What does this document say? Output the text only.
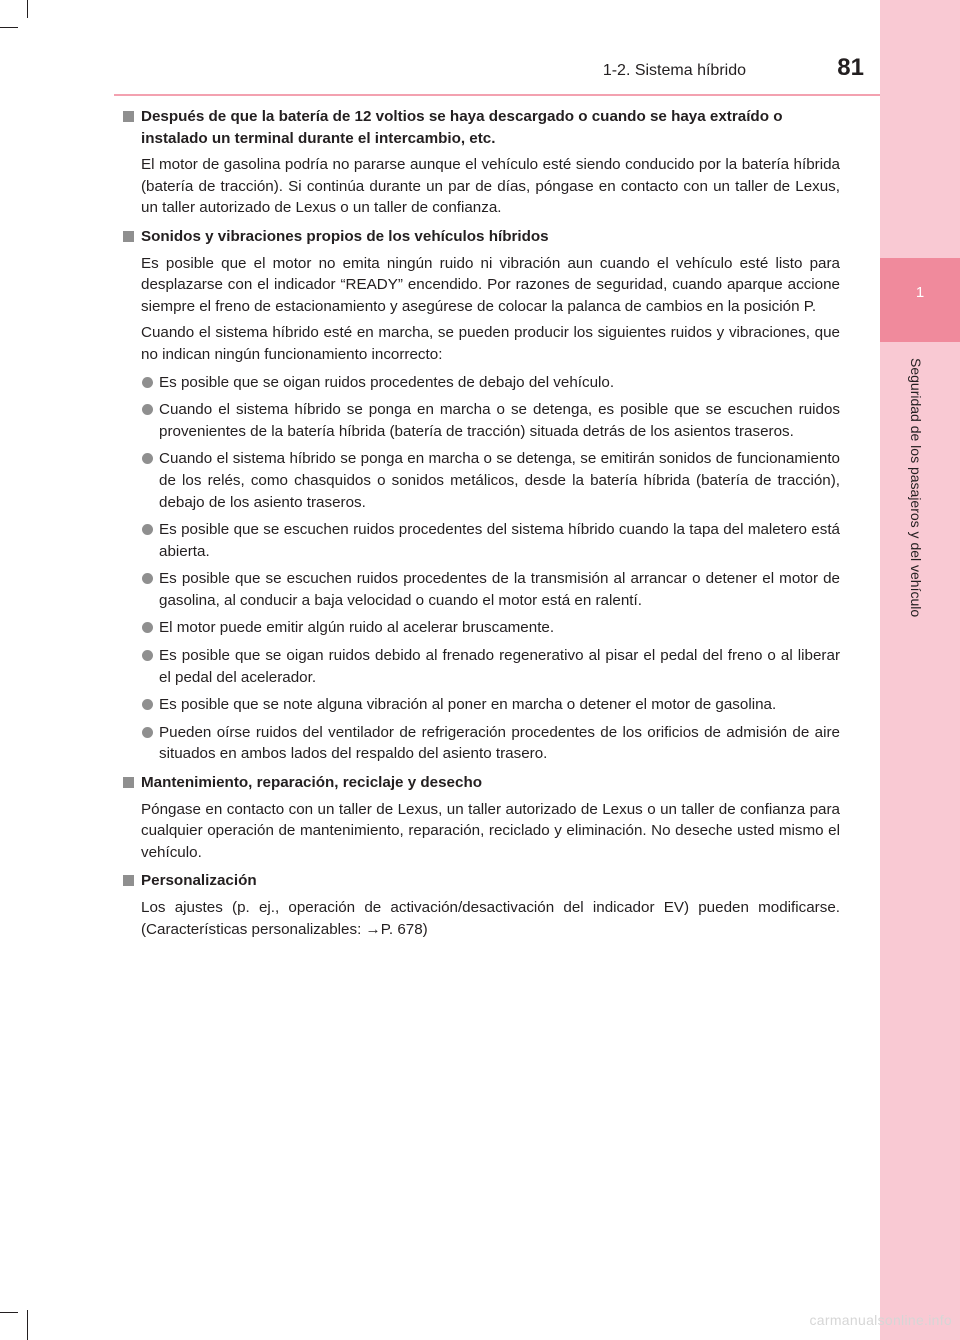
1
Seguridad de los pasajeros y del vehículo
1-2. Sistema híbrido	81
Después de que la batería de 12 voltios se haya descargado o cuando se haya extraído o instalado un terminal durante el intercambio, etc.
El motor de gasolina podría no pararse aunque el vehículo esté siendo conducido por la batería híbrida (batería de tracción). Si continúa durante un par de días, póngase en contacto con un taller de Lexus, un taller autorizado de Lexus o un taller de confianza.
Sonidos y vibraciones propios de los vehículos híbridos
Es posible que el motor no emita ningún ruido ni vibración aun cuando el vehículo esté listo para desplazarse con el indicador “READY” encendido. Por razones de seguridad, cuando aparque accione siempre el freno de estacionamiento y asegúrese de colocar la palanca de cambios en la posición P.
Cuando el sistema híbrido esté en marcha, se pueden producir los siguientes ruidos y vibraciones, que no indican ningún funcionamiento incorrecto:
Es posible que se oigan ruidos procedentes de debajo del vehículo.
Cuando el sistema híbrido se ponga en marcha o se detenga, es posible que se escuchen ruidos provenientes de la batería híbrida (batería de tracción) situada detrás de los asientos traseros.
Cuando el sistema híbrido se ponga en marcha o se detenga, se emitirán sonidos de funcionamiento de los relés, como chasquidos o sonidos metálicos, desde la batería híbrida (batería de tracción), debajo de los asiento traseros.
Es posible que se escuchen ruidos procedentes del sistema híbrido cuando la tapa del maletero está abierta.
Es posible que se escuchen ruidos procedentes de la transmisión al arrancar o detener el motor de gasolina, al conducir a baja velocidad o cuando el motor está en ralentí.
El motor puede emitir algún ruido al acelerar bruscamente.
Es posible que se oigan ruidos debido al frenado regenerativo al pisar el pedal del freno o al liberar el pedal del acelerador.
Es posible que se note alguna vibración al poner en marcha o detener el motor de gasolina.
Pueden oírse ruidos del ventilador de refrigeración procedentes de los orificios de admisión de aire situados en ambos lados del respaldo del asiento trasero.
Mantenimiento, reparación, reciclaje y desecho
Póngase en contacto con un taller de Lexus, un taller autorizado de Lexus o un taller de confianza para cualquier operación de mantenimiento, reparación, reciclado y eliminación. No deseche usted mismo el vehículo.
Personalización
Los ajustes (p. ej., operación de activación/desactivación del indicador EV) pueden modificarse. (Características personalizables: →P. 678)
carmanualsonline.info
